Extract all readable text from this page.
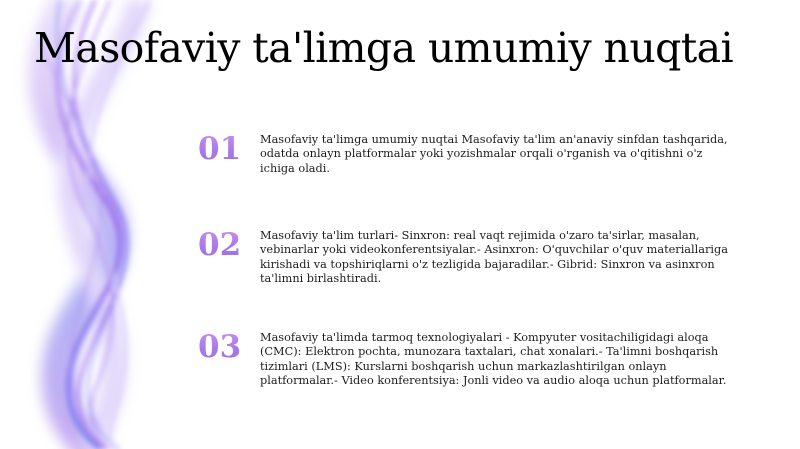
Masofaviy ta'limga umumiy nuqtai
01	Masofaviy ta'limga umumiy nuqtai Masofaviy ta'lim an'anaviy sinfdan tashqarida, odatda onlayn platformalar yoki yozishmalar orqali o'rganish va o'qitishni o'z ichiga oladi.
02	Masofaviy ta'lim turlari- Sinxron: real vaqt rejimida o'zaro ta'sirlar, masalan, vebinarlar yoki videokonferentsiyalar.- Asinxron: O'quvchilar o'quv materiallariga kirishadi va topshiriqlarni o'z tezligida bajaradilar.- Gibrid: Sinxron va asinxron ta'limni birlashtiradi.
03	Masofaviy ta'limda tarmoq texnologiyalari - Kompyuter vositachiligidagi aloqa (CMC): Elektron pochta, munozara taxtalari, chat xonalari.- Ta'limni boshqarish tizimlari (LMS): Kurslarni boshqarish uchun markazlashtirilgan onlayn platformalar.- Video konferentsiya: Jonli video va audio aloqa uchun platformalar.
